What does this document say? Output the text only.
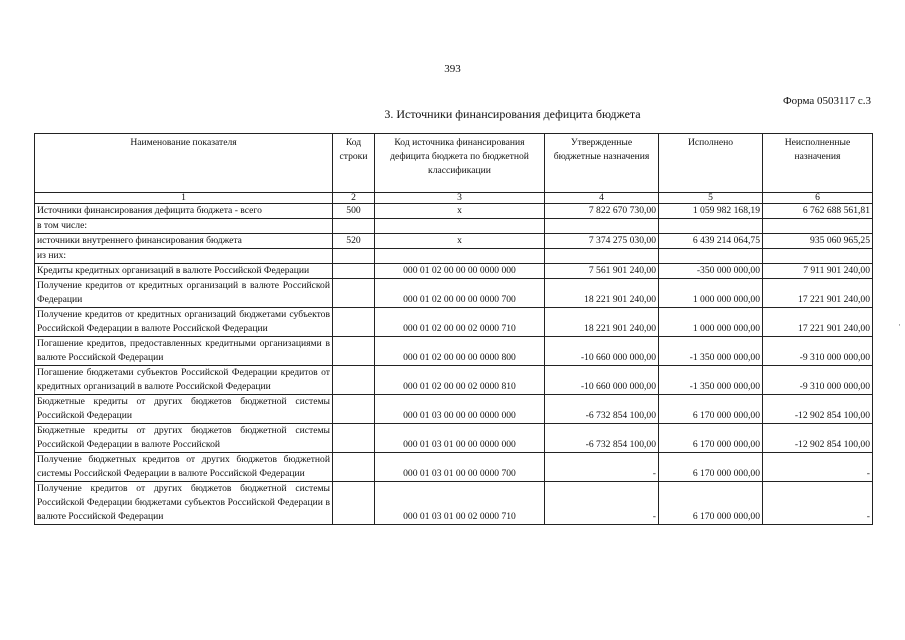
393
Форма 0503117 с.3
3. Источники финансирования дефицита бюджета
Наименование показателя	Код строки	Код источника финансирования дефицита бюджета по бюджетной классификации	Утвержденные бюджетные назначения	Исполнено	Неисполненные назначения
1	2	3	4	5	6
Источники финансирования дефицита бюджета - всего	500	x	7 822 670 730,00	1 059 982 168,19	6 762 688 561,81
в том числе:					
источники внутреннего финансирования бюджета	520	x	7 374 275 030,00	6 439 214 064,75	935 060 965,25
из них:					
Кредиты кредитных организаций в валюте Российской Федерации		000 01 02 00 00 00 0000 000	7 561 901 240,00	-350 000 000,00	7 911 901 240,00
Получение кредитов от кредитных организаций в валюте Российской Федерации		000 01 02 00 00 00 0000 700	18 221 901 240,00	1 000 000 000,00	17 221 901 240,00
Получение кредитов от кредитных организаций бюджетами субъектов Российской Федерации в валюте Российской Федерации		000 01 02 00 00 02 0000 710	18 221 901 240,00	1 000 000 000,00	17 221 901 240,00
Погашение кредитов, предоставленных кредитными организациями в валюте Российской Федерации		000 01 02 00 00 00 0000 800	-10 660 000 000,00	-1 350 000 000,00	-9 310 000 000,00
Погашение бюджетами субъектов Российской Федерации кредитов от кредитных организаций в валюте Российской Федерации		000 01 02 00 00 02 0000 810	-10 660 000 000,00	-1 350 000 000,00	-9 310 000 000,00
Бюджетные кредиты от других бюджетов бюджетной системы Российской Федерации		000 01 03 00 00 00 0000 000	-6 732 854 100,00	6 170 000 000,00	-12 902 854 100,00
Бюджетные кредиты от других бюджетов бюджетной системы Российской Федерации в валюте Российской		000 01 03 01 00 00 0000 000	-6 732 854 100,00	6 170 000 000,00	-12 902 854 100,00
Получение бюджетных кредитов от других бюджетов бюджетной системы Российской Федерации в валюте Российской Федерации		000 01 03 01 00 00 0000 700	-	6 170 000 000,00	-
Получение кредитов от других бюджетов бюджетной системы Российской Федерации бюджетами субъектов Российской Федерации в валюте Российской Федерации		000 01 03 01 00 02 0000 710	-	6 170 000 000,00	-
·
